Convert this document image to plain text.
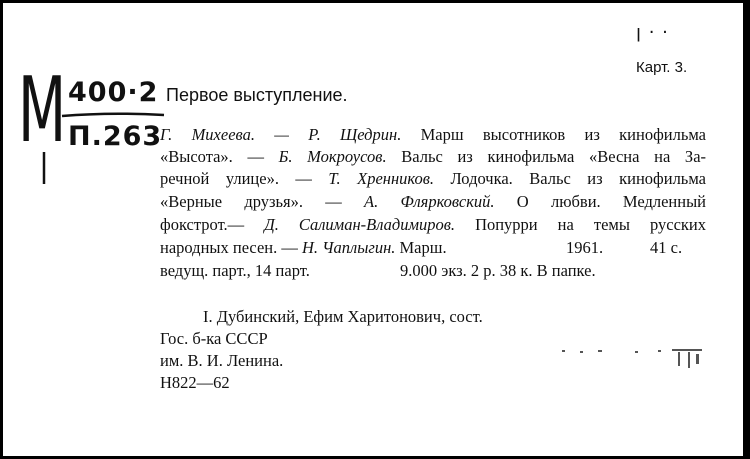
ꞁ · ·
М 400·2
П.263
Карт. 3.
Первое выступление.
Г. Михеева. — Р. Щедрин. Марш высотников из кинофильма
«Высота». — Б. Мокроусов. Вальс из кинофильма «Весна на За-
речной улице». — Т. Хренников. Лодочка. Вальс из кинофильма
«Верные друзья». — А. Флярковский. О любви. Медленный
фокстрот.— Д. Салиман-Владимиров. Попурри на темы русских
народных песен. — Н. Чаплыгин. Марш.	1961.	41 с.
ведущ. парт., 14 парт.	9.000 экз. 2 р. 38 к. В папке.
I. Дубинский, Ефим Харитонович, сост.
Гос. б-ка СССР
им. В. И. Ленина.
Н822—62
